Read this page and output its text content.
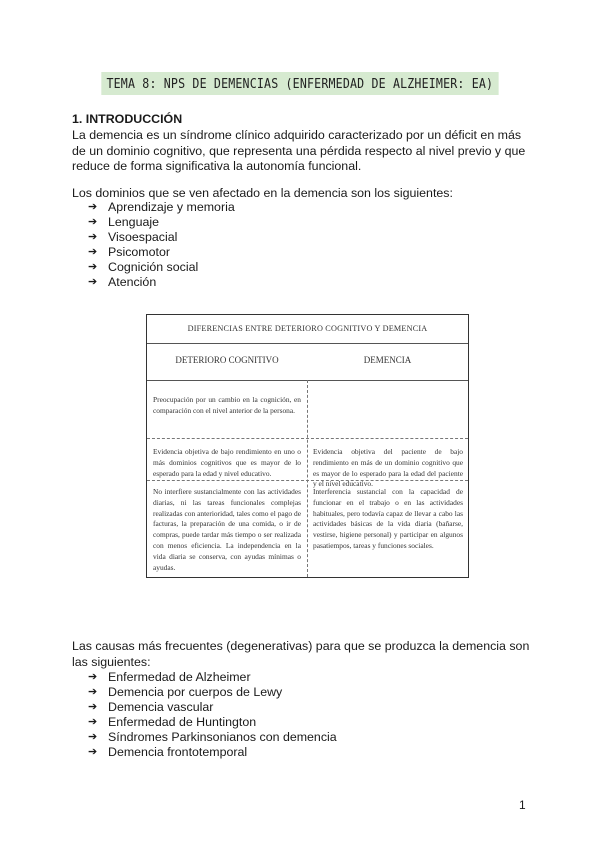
TEMA 8: NPS DE DEMENCIAS (ENFERMEDAD DE ALZHEIMER: EA)
1. INTRODUCCIÓN
La demencia es un síndrome clínico adquirido caracterizado por un déficit en más de un dominio cognitivo, que representa una pérdida respecto al nivel previo y que reduce de forma significativa la autonomía funcional.
Los dominios que se ven afectado en la demencia son los siguientes:
➔ Aprendizaje y memoria
➔ Lenguaje
➔ Visoespacial
➔ Psicomotor
➔ Cognición social
➔ Atención
DIFERENCIAS ENTRE DETERIORO COGNITIVO Y DEMENCIA
DETERIORO COGNITIVO	DEMENCIA
Preocupación por un cambio en la cognición, en comparación con el nivel anterior de la persona.
Evidencia objetiva de bajo rendimiento en uno o más dominios cognitivos que es mayor de lo esperado para la edad y nivel educativo.
Evidencia objetiva del paciente de bajo rendimiento en más de un dominio cognitivo que es mayor de lo esperado para la edad del paciente y el nivel educativo.
No interfiere sustancialmente con las actividades diarias, ni las tareas funcionales complejas realizadas con anterioridad, tales como el pago de facturas, la preparación de una comida, o ir de compras, puede tardar más tiempo o ser realizada con menos eficiencia. La independencia en la vida diaria se conserva, con ayudas mínimas o ayudas.
Interferencia sustancial con la capacidad de funcionar en el trabajo o en las actividades habituales, pero todavía capaz de llevar a cabo las actividades básicas de la vida diaria (bañarse, vestirse, higiene personal) y participar en algunos pasatiempos, tareas y funciones sociales.
Las causas más frecuentes (degenerativas) para que se produzca la demencia son las siguientes:
➔ Enfermedad de Alzheimer
➔ Demencia por cuerpos de Lewy
➔ Demencia vascular
➔ Enfermedad de Huntington
➔ Síndromes Parkinsonianos con demencia
➔ Demencia frontotemporal
1
